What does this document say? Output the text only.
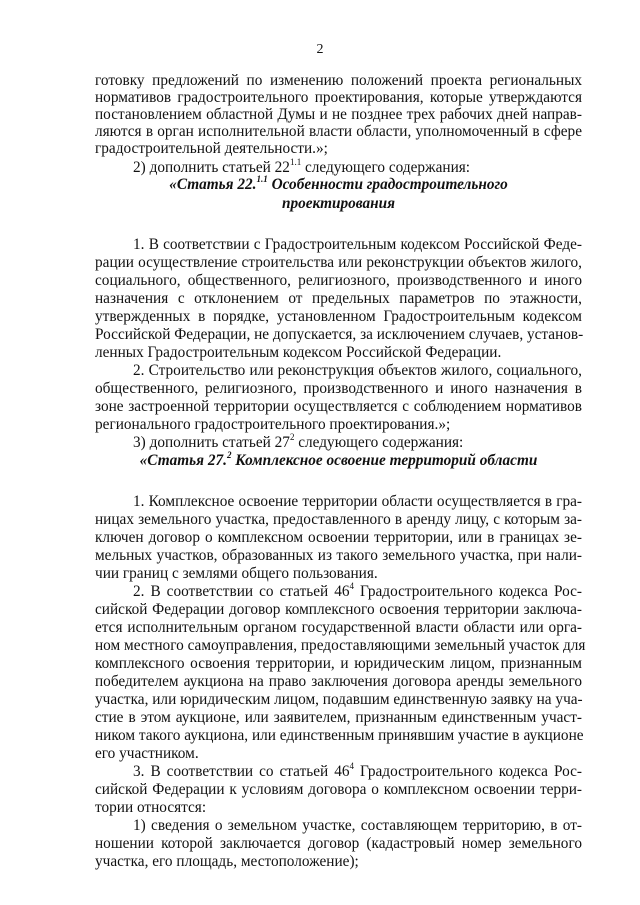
2
готовку предложений по изменению положений проекта региональных
нормативов градостроительного проектирования, которые утверждаются
постановлением областной Думы и не позднее трех рабочих дней направ-
ляются в орган исполнительной власти области, уполномоченный в сфере
градостроительной деятельности.»;
2) дополнить статьей $22^{1.1}$ следующего содержания:
«Статья 22.$^{1.1}$ Особенности градостроительного
проектирования
1. В соответствии с Градостроительным кодексом Российской Феде-
рации осуществление строительства или реконструкции объектов жилого,
социального, общественного, религиозного, производственного и иного
назначения с отклонением от предельных параметров по этажности,
утвержденных в порядке, установленном Градостроительным кодексом
Российской Федерации, не допускается, за исключением случаев, установ-
ленных Градостроительным кодексом Российской Федерации.
2. Строительство или реконструкция объектов жилого, социального,
общественного, религиозного, производственного и иного назначения в
зоне застроенной территории осуществляется с соблюдением нормативов
регионального градостроительного проектирования.»;
3) дополнить статьей $27^2$ следующего содержания:
«Статья 27.$^2$ Комплексное освоение территорий области
1. Комплексное освоение территории области осуществляется в гра-
ницах земельного участка, предоставленного в аренду лицу, с которым за-
ключен договор о комплексном освоении территории, или в границах зе-
мельных участков, образованных из такого земельного участка, при нали-
чии границ с землями общего пользования.
2. В соответствии со статьей $46^4$ Градостроительного кодекса Рос-
сийской Федерации договор комплексного освоения территории заключа-
ется исполнительным органом государственной власти области или орга-
ном местного самоуправления, предоставляющими земельный участок для
комплексного освоения территории, и юридическим лицом, признанным
победителем аукциона на право заключения договора аренды земельного
участка, или юридическим лицом, подавшим единственную заявку на уча-
стие в этом аукционе, или заявителем, признанным единственным участ-
ником такого аукциона, или единственным принявшим участие в аукционе
его участником.
3. В соответствии со статьей $46^4$ Градостроительного кодекса Рос-
сийской Федерации к условиям договора о комплексном освоении терри-
тории относятся:
1) сведения о земельном участке, составляющем территорию, в от-
ношении которой заключается договор (кадастровый номер земельного
участка, его площадь, местоположение);
